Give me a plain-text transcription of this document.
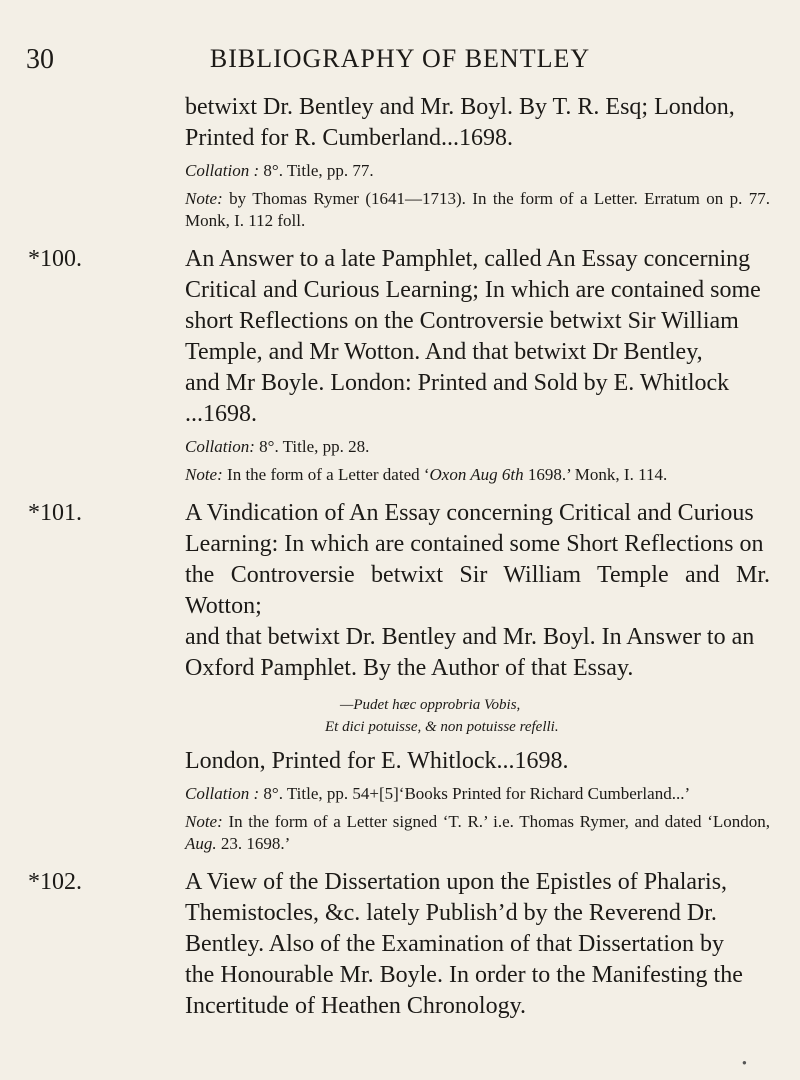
30	BIBLIOGRAPHY OF BENTLEY
betwixt Dr. Bentley and Mr. Boyl. By T. R. Esq; London,
Printed for R. Cumberland...1698.
Collation : 8°. Title, pp. 77.
Note: by Thomas Rymer (1641—1713). In the form of a Letter. Erratum on p. 77. Monk, I. 112 foll.
*100.	An Answer to a late Pamphlet, called An Essay concerning
Critical and Curious Learning; In which are contained some
short Reflections on the Controversie betwixt Sir William
Temple, and Mr Wotton. And that betwixt Dr Bentley,
and Mr Boyle. London: Printed and Sold by E. Whitlock
...1698.
Collation: 8°. Title, pp. 28.
Note: In the form of a Letter dated ‘Oxon Aug 6th 1698.’ Monk, I. 114.
*101.	A Vindication of An Essay concerning Critical and Curious
Learning: In which are contained some Short Reflections on
the Controversie betwixt Sir William Temple and Mr. Wotton;
and that betwixt Dr. Bentley and Mr. Boyl. In Answer to an
Oxford Pamphlet. By the Author of that Essay.
—Pudet hæc opprobria Vobis,
Et dici potuisse, & non potuisse refelli.
London, Printed for E. Whitlock...1698.
Collation : 8°. Title, pp. 54+[5]‘Books Printed for Richard Cumberland...’
Note: In the form of a Letter signed ‘T. R.’ i.e. Thomas Rymer, and dated ‘London, Aug. 23. 1698.’
*102.	A View of the Dissertation upon the Epistles of Phalaris,
Themistocles, &c. lately Publish’d by the Reverend Dr.
Bentley. Also of the Examination of that Dissertation by
the Honourable Mr. Boyle. In order to the Manifesting the
Incertitude of Heathen Chronology.
●
